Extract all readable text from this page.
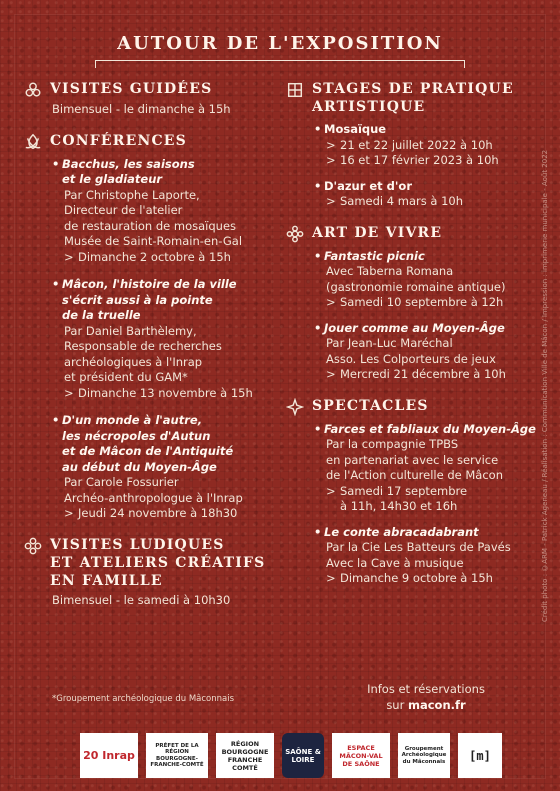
AUTOUR DE L'EXPOSITION
VISITES GUIDÉES
Bimensuel - le dimanche à 15h
CONFÉRENCES
• Bacchus, les saisons
et le gladiateur
Par Christophe Laporte,
Directeur de l'atelier
de restauration de mosaïques
Musée de Saint-Romain-en-Gal
> Dimanche 2 octobre à 15h
• Mâcon, l'histoire de la ville
s'écrit aussi à la pointe
de la truelle
Par Daniel Barthèlemy,
Responsable de recherches
archéologiques à l'Inrap
et président du GAM*
> Dimanche 13 novembre à 15h
• D'un monde à l'autre,
les nécropoles d'Autun
et de Mâcon de l'Antiquité
au début du Moyen-Âge
Par Carole Fossurier
Archéo-anthropologue à l'Inrap
> Jeudi 24 novembre à 18h30
VISITES LUDIQUES
ET ATELIERS CRÉATIFS
EN FAMILLE
Bimensuel - le samedi à 10h30
STAGES DE PRATIQUE
ARTISTIQUE
• Mosaïque
> 21 et 22 juillet 2022 à 10h
> 16 et 17 février 2023 à 10h
• D'azur et d'or
> Samedi 4 mars à 10h
ART DE VIVRE
• Fantastic picnic
Avec Taberna Romana
(gastronomie romaine antique)
> Samedi 10 septembre à 12h
• Jouer comme au Moyen-Âge
Par Jean-Luc Maréchal
Asso. Les Colporteurs de jeux
> Mercredi 21 décembre à 10h
SPECTACLES
• Farces et fabliaux du Moyen-Âge
Par la compagnie TPBS
en partenariat avec le service
de l'Action culturelle de Mâcon
> Samedi 17 septembre
à 11h, 14h30 et 16h
• Le conte abracadabrant
Par la Cie Les Batteurs de Pavés
Avec la Cave à musique
> Dimanche 9 octobre à 15h
*Groupement archéologique du Mâconnais
Infos et réservations
sur macon.fr
Crédit photo : ©ARM - Patrick Ageneau / Réalisation : Communication Ville de Mâcon / Impression : imprimerie municipale - Août 2022
20 Inrap
PRÉFET DE LA RÉGION BOURGOGNE-FRANCHE-COMTÉ
RÉGION BOURGOGNE FRANCHE COMTÉ
SAÔNE & LOIRE
ESPACE MÂCON-VAL DE SAÔNE
Groupement Archéologique du Mâconnais	[m]
